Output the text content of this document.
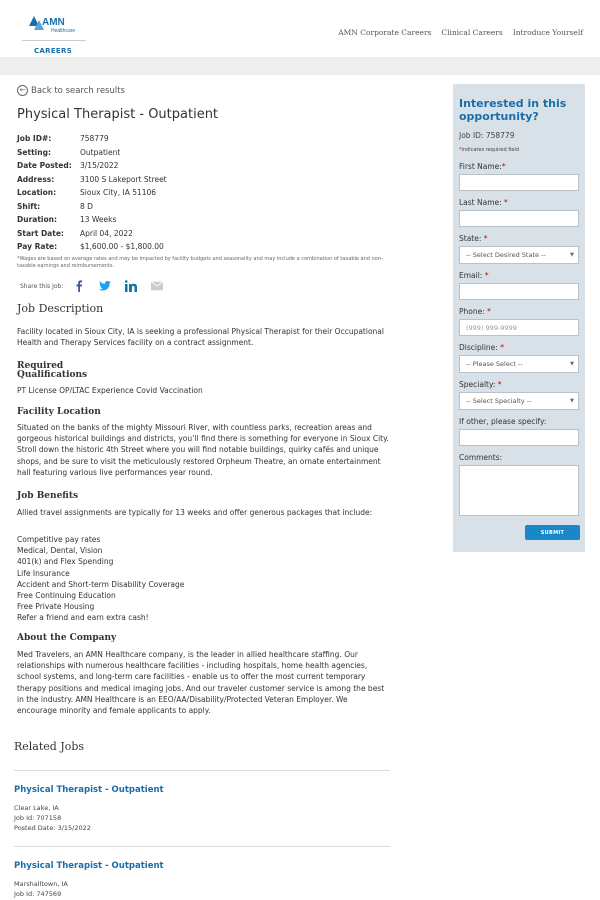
AMN
Healthcare
CAREERS
AMN Corporate Careers	Clinical Careers	Introduce Yourself
← Back to search results
Physical Therapist - Outpatient
Job ID#:	758779
Setting:	Outpatient
Date Posted:	3/15/2022
Address:	3100 S Lakeport Street
Location:	Sioux City, IA 51106
Shift:	8 D
Duration:	13 Weeks
Start Date:	April 04, 2022
Pay Rate:	$1,600.00 - $1,800.00
*Wages are based on average rates and may be impacted by facility budgets and seasonality and may include a combination of taxable and non-taxable earnings and reimbursements.
Share this Job:
Job Description
Facility located in Sioux City, IA is seeking a professional Physical Therapist for their Occupational Health and Therapy Services facility on a contract assignment.
Required
Qualifications
PT License OP/LTAC Experience Covid Vaccination
Facility Location
Situated on the banks of the mighty Missouri River, with countless parks, recreation areas and gorgeous historical buildings and districts, you’ll find there is something for everyone in Sioux City. Stroll down the historic 4th Street where you will find notable buildings, quirky cafés and unique shops, and be sure to visit the meticulously restored Orpheum Theatre, an ornate entertainment hall featuring various live performances year round.
Job Benefits
Allied travel assignments are typically for 13 weeks and offer generous packages that include:
Competitive pay rates
Medical, Dental, Vision
401(k) and Flex Spending
Life Insurance
Accident and Short-term Disability Coverage
Free Continuing Education
Free Private Housing
Refer a friend and earn extra cash!
About the Company
Med Travelers, an AMN Healthcare company, is the leader in allied healthcare staffing. Our relationships with numerous healthcare facilities - including hospitals, home health agencies, school systems, and long-term care facilities - enable us to offer the most current temporary therapy positions and medical imaging jobs. And our traveler customer service is among the best in the industry. AMN Healthcare is an EEO/AA/Disability/Protected Veteran Employer. We encourage minority and female applicants to apply.
Related Jobs
Physical Therapist - Outpatient
Clear Lake, IA
Job Id: 707158
Posted Date: 3/15/2022
Physical Therapist - Outpatient
Marshalltown, IA
Job Id: 747569
Interested in this opportunity?
Job ID: 758779
*indicates required field
First Name:*
Last Name: *
State: *
-- Select Desired State --	▼
Email: *
Phone: *
(999) 999-9999
Discipline: *
-- Please Select --	▼
Specialty: *
-- Select Specialty --	▼
If other, please specify:
Comments:
SUBMIT
